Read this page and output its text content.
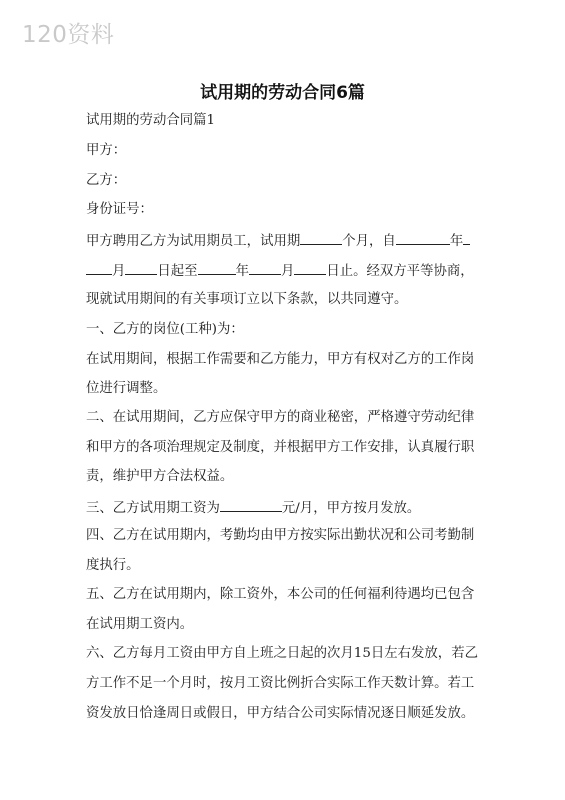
120资料
试用期的劳动合同6篇
试用期的劳动合同篇1
甲方：
乙方：
身份证号：
甲方聘用乙方为试用期员工，试用期	个月，自	年
月 日起至	年 月 日止。经双方平等协商，
现就试用期间的有关事项订立以下条款，以共同遵守。
一、乙方的岗位(工种)为：
在试用期间，根据工作需要和乙方能力，甲方有权对乙方的工作岗
位进行调整。
二、在试用期间，乙方应保守甲方的商业秘密，严格遵守劳动纪律
和甲方的各项治理规定及制度，并根据甲方工作安排，认真履行职
责，维护甲方合法权益。
三、乙方试用期工资为	元/月，甲方按月发放。
四、乙方在试用期内，考勤均由甲方按实际出勤状况和公司考勤制
度执行。
五、乙方在试用期内，除工资外，本公司的任何福利待遇均已包含
在试用期工资内。
六、乙方每月工资由甲方自上班之日起的次月15日左右发放，若乙
方工作不足一个月时，按月工资比例折合实际工作天数计算。若工
资发放日恰逢周日或假日，甲方结合公司实际情况逐日顺延发放。
